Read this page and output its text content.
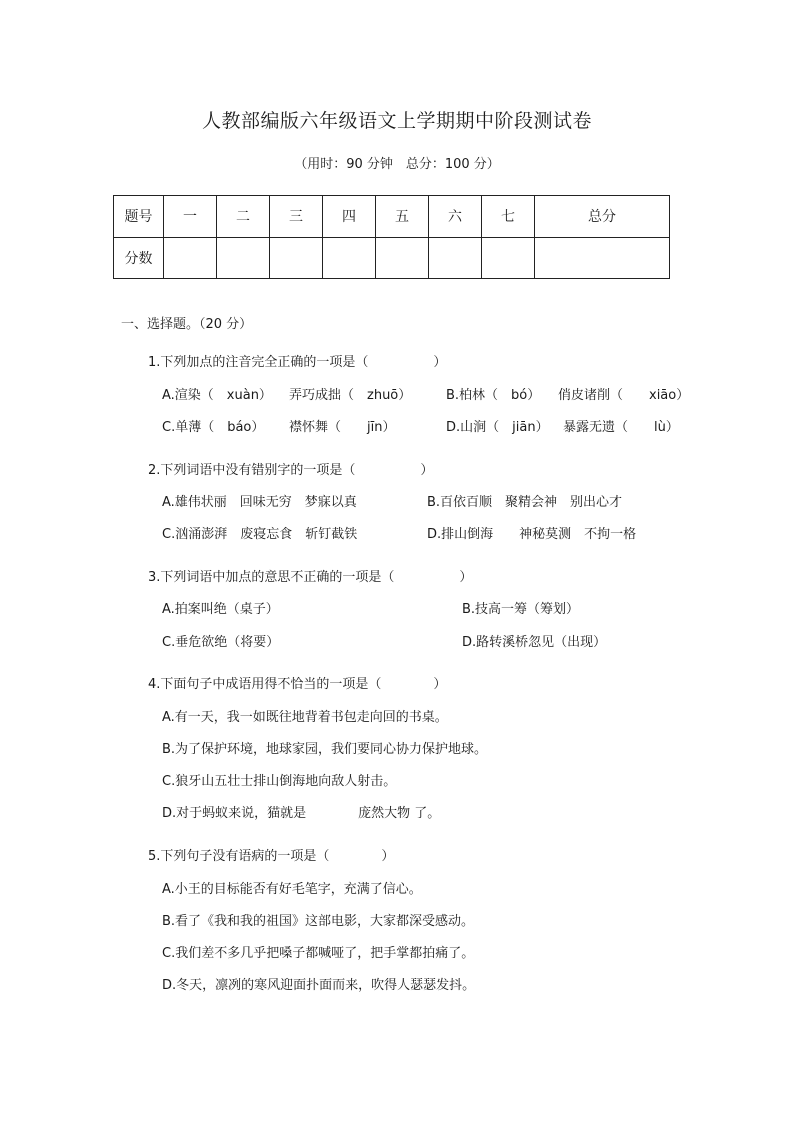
人教部编版六年级语文上学期期中阶段测试卷
（用时：90 分钟　总分：100 分）
题号	一	二	三	四	五	六	七	总分
分数								
一、选择题。（20 分）
1.下列加点的注音完全正确的一项是（　　　　　）
A.渲染（　xuàn） 弄巧成拙（　zhuō）	B.柏林（　bó） 俏皮诸削（　　xiāo）
C.单薄（　báo） 襟怀舞（　　jīn）	D.山涧（　jiān） 暴露无遗（　　lù）
2.下列词语中没有错别字的一项是（　　　　　）
A.雄伟状丽　回味无穷　梦寐以真	B.百依百顺　聚精会神　别出心才
C.汹涌澎湃　废寝忘食　斩钉截铁	D.排山倒海　　神秘莫测　不拘一格
3.下列词语中加点的意思不正确的一项是（　　　　　）
A.拍案叫绝（桌子）	B.技高一筹（筹划）
C.垂危欲绝（将要）	D.路转溪桥忽见（出现）
4.下面句子中成语用得不恰当的一项是（　　　　）
A.有一天，我一如既往地背着书包走向回的书桌。
B.为了保护环境，地球家园，我们要同心协力保护地球。
C.狼牙山五壮士排山倒海地向敌人射击。
D.对于蚂蚁来说，猫就是　　　　庞然大物 了。
5.下列句子没有语病的一项是（　　　　）
A.小王的目标能否有好毛笔字，充满了信心。
B.看了《我和我的祖国》这部电影，大家都深受感动。
C.我们差不多几乎把嗓子都喊哑了，把手掌都拍痛了。
D.冬天，凛冽的寒风迎面扑面而来，吹得人瑟瑟发抖。
